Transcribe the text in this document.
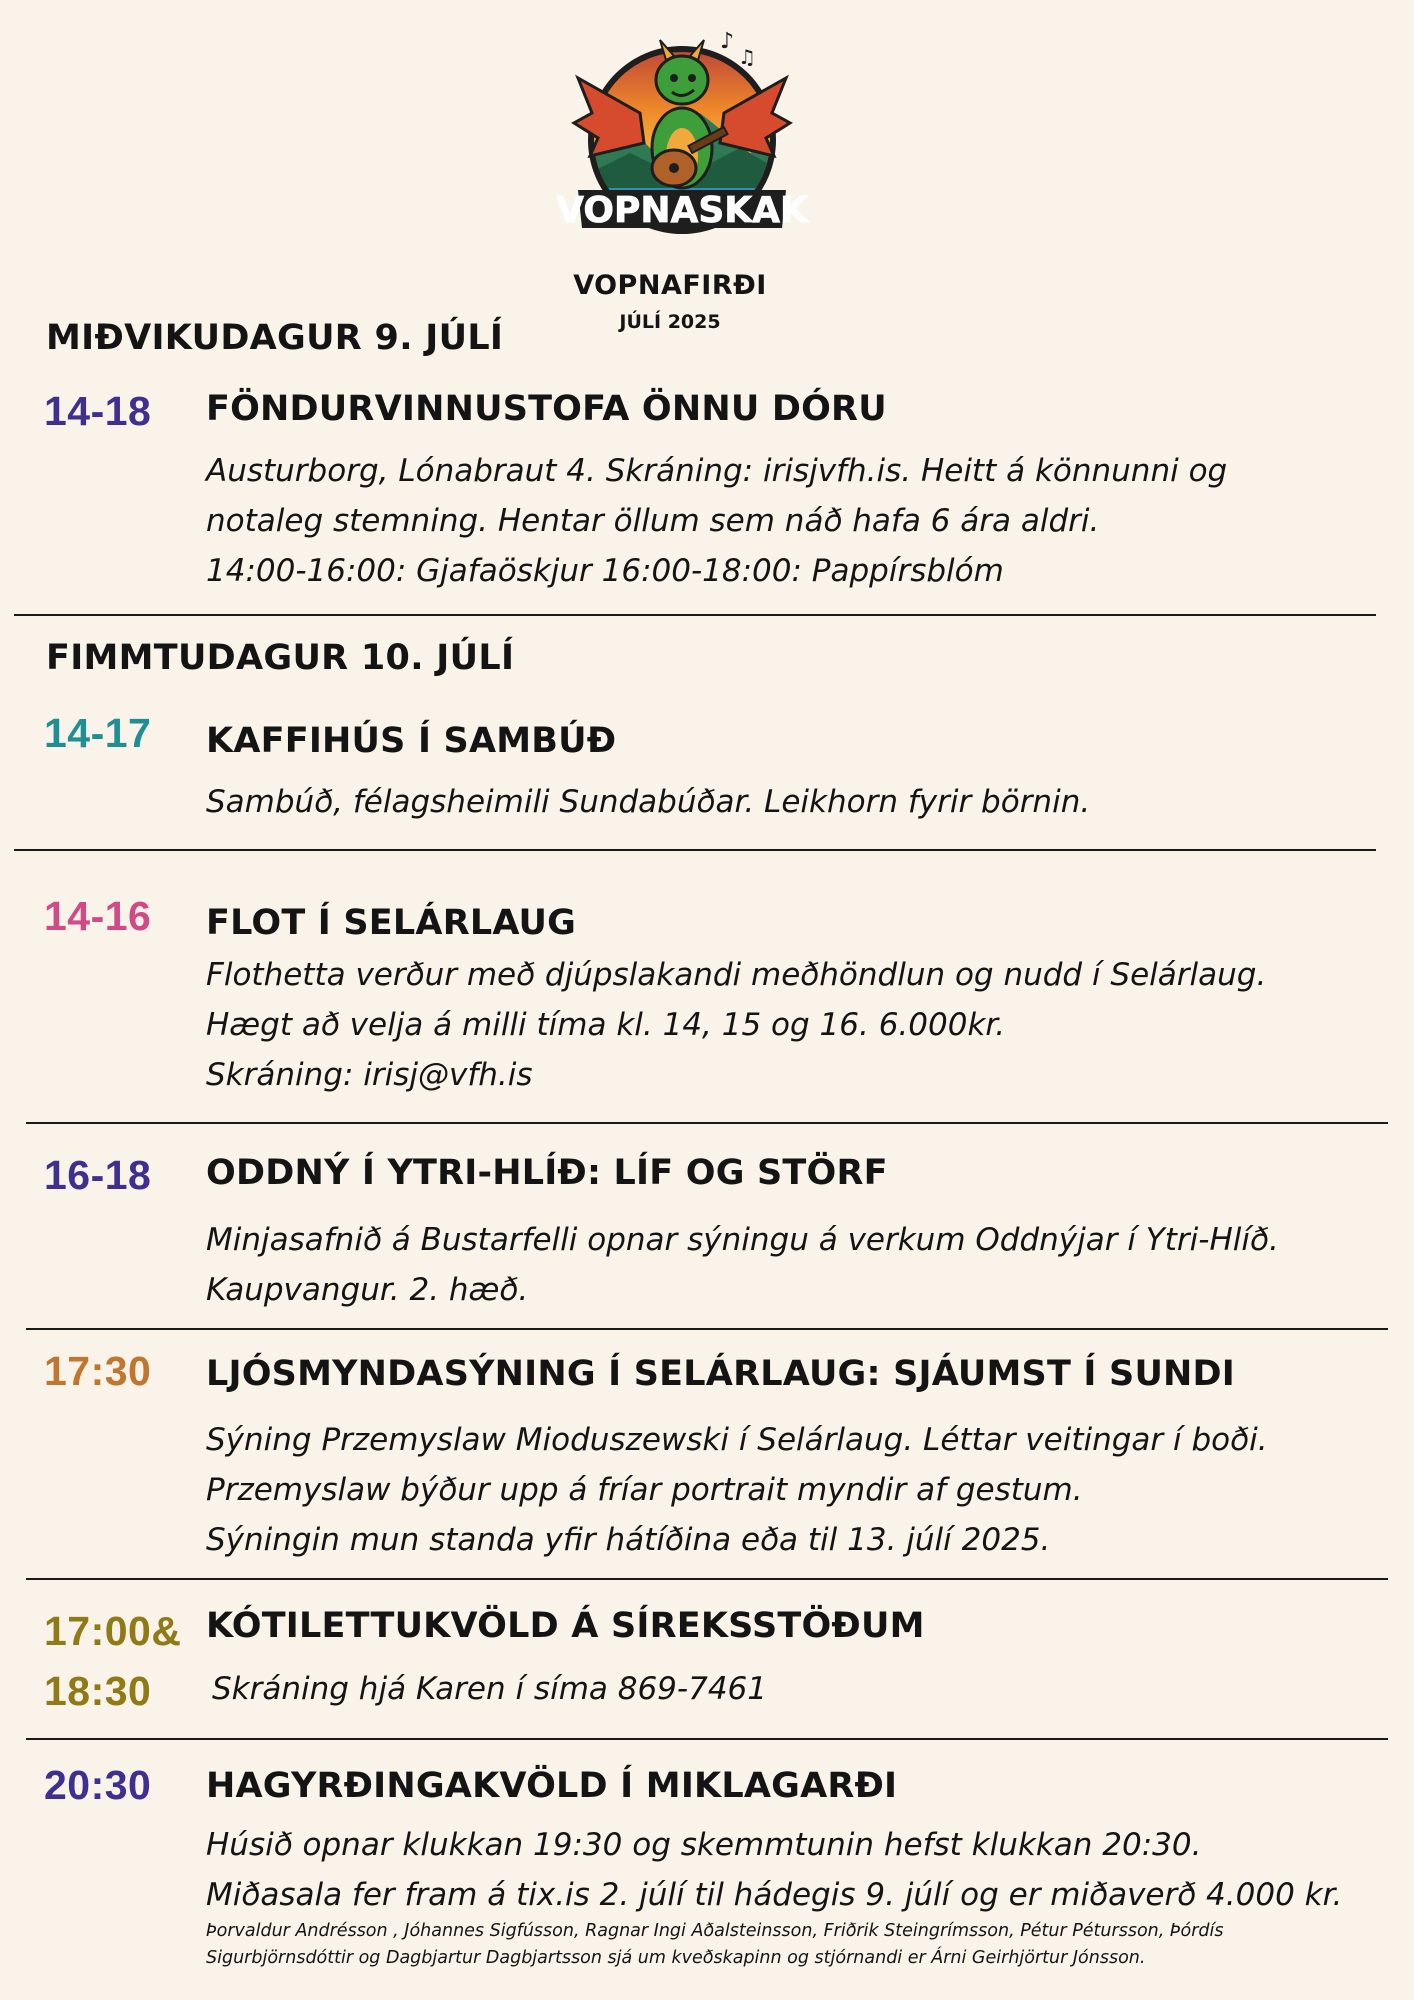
♪
♫
VOPNASKAK
VOPNAFIRÐI
JÚLÍ 2025
MIÐVIKUDAGUR 9. JÚLÍ
14-18 FÖNDURVINNUSTOFA ÖNNU DÓRU
Austurborg, Lónabraut 4. Skráning: irisjvfh.is. Heitt á könnunni og
notaleg stemning. Hentar öllum sem náð hafa 6 ára aldri.
14:00-16:00: Gjafaöskjur 16:00-18:00: Pappírsblóm
FIMMTUDAGUR 10. JÚLÍ
14-17 KAFFIHÚS Í SAMBÚÐ
Sambúð, félagsheimili Sundabúðar. Leikhorn fyrir börnin.
14-16 FLOT Í SELÁRLAUG
Flothetta verður með djúpslakandi meðhöndlun og nudd í Selárlaug.
Hægt að velja á milli tíma kl. 14, 15 og 16. 6.000kr.
Skráning: irisj@vfh.is
16-18 ODDNÝ Í YTRI-HLÍÐ: LÍF OG STÖRF
Minjasafnið á Bustarfelli opnar sýningu á verkum Oddnýjar í Ytri-Hlíð.
Kaupvangur. 2. hæð.
17:30 LJÓSMYNDASÝNING Í SELÁRLAUG: SJÁUMST Í SUNDI
Sýning Przemyslaw Mioduszewski í Selárlaug. Léttar veitingar í boði.
Przemyslaw býður upp á fríar portrait myndir af gestum.
Sýningin mun standa yfir hátíðina eða til 13. júlí 2025.
17:00&
18:30
KÓTILETTUKVÖLD Á SÍREKSSTÖÐUM
Skráning hjá Karen í síma 869-7461
20:30 HAGYRÐINGAKVÖLD Í MIKLAGARÐI
Húsið opnar klukkan 19:30 og skemmtunin hefst klukkan 20:30.
Miðasala fer fram á tix.is 2. júlí til hádegis 9. júlí og er miðaverð 4.000 kr.
Þorvaldur Andrésson , Jóhannes Sigfússon, Ragnar Ingi Aðalsteinsson, Friðrik Steingrímsson, Pétur Pétursson, Þórdís
Sigurbjörnsdóttir og Dagbjartur Dagbjartsson sjá um kveðskapinn og stjórnandi er Árni Geirhjörtur Jónsson.
